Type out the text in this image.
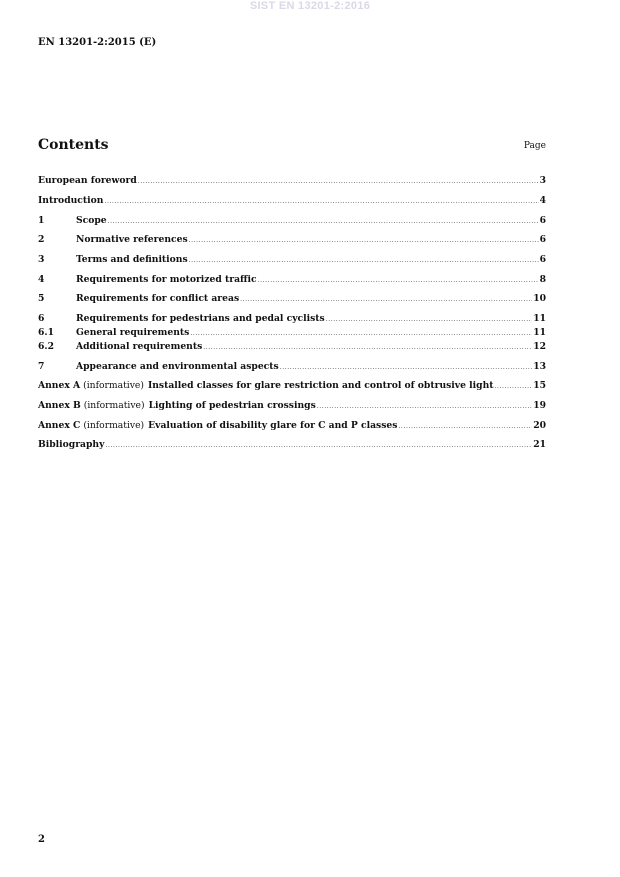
SIST EN 13201-2:2016
EN 13201-2:2015 (E)
Contents	Page
European foreword .....	3
Introduction .....	4
1	Scope .....	6
2	Normative references .....	6
3	Terms and definitions .....	6
4	Requirements for motorized traffic .....	8
5	Requirements for conflict areas .....	10
6	Requirements for pedestrians and pedal cyclists .....	11
6.1	General requirements .....	11
6.2	Additional requirements .....	12
7	Appearance and environmental aspects .....	13
Annex A (informative) Installed classes for glare restriction and control of obtrusive light .....	15
Annex B (informative) Lighting of pedestrian crossings .....	19
Annex C (informative) Evaluation of disability glare for C and P classes .....	20
Bibliography .....	21
2
